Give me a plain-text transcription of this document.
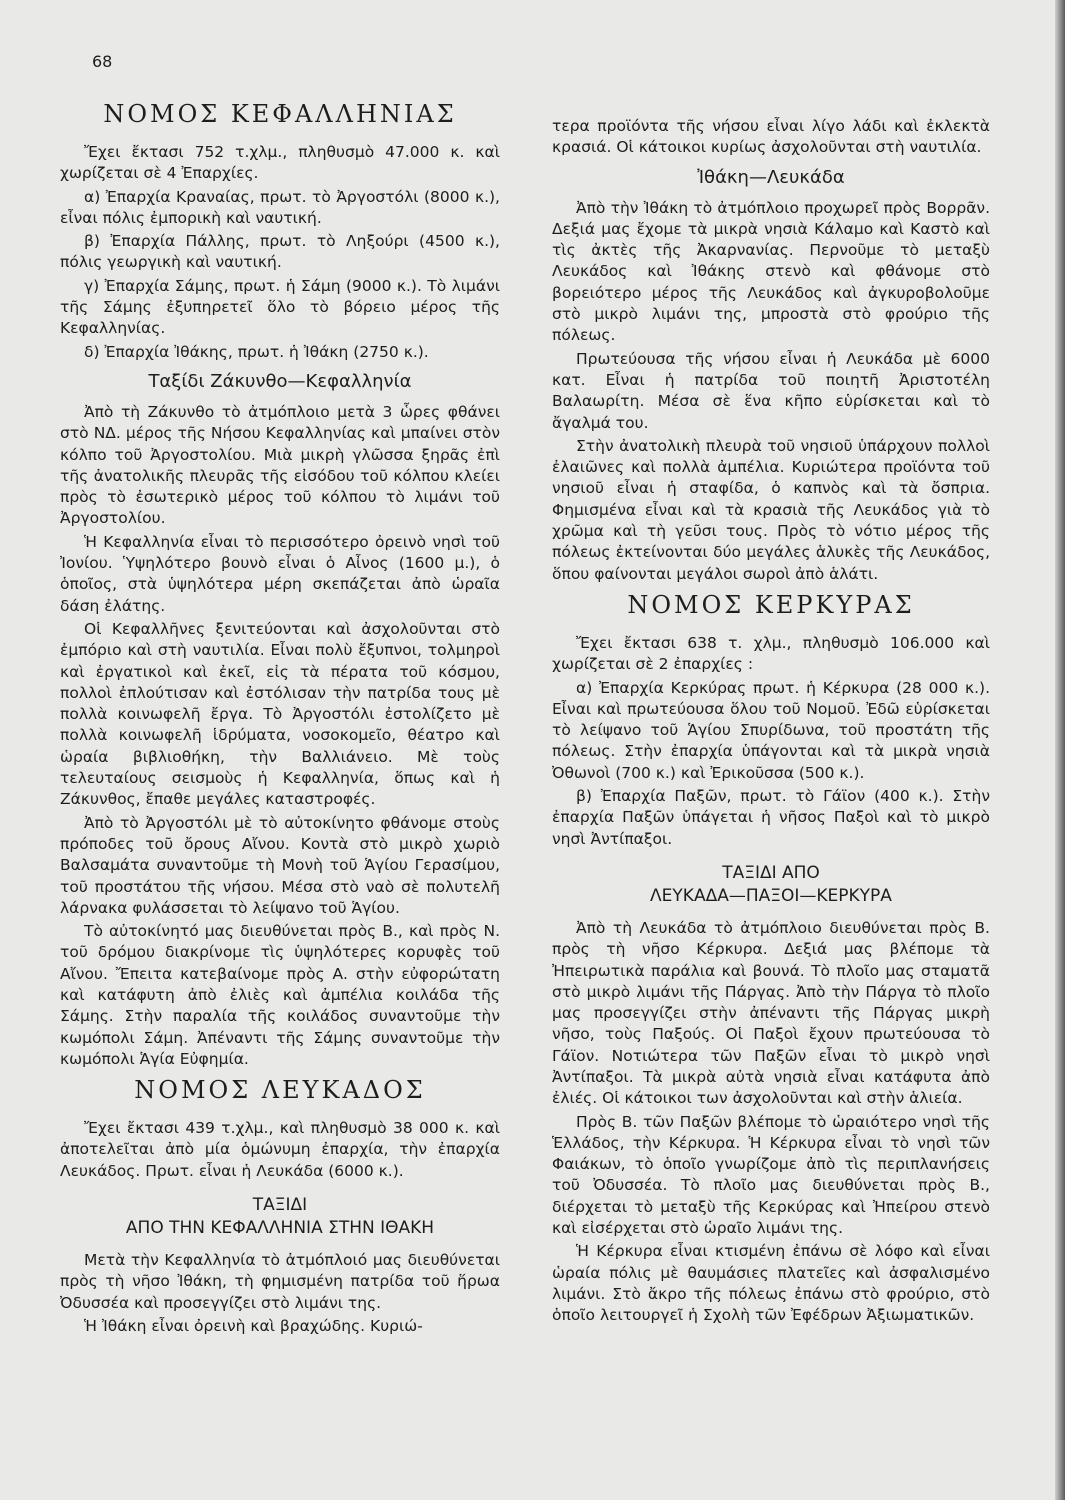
68
ΝΟΜΟΣ ΚΕΦΑΛΛΗΝΙΑΣ

Ἔχει ἔκτασι 752 τ.χλμ., πληθυσμὸ 47.000 κ. καὶ χωρίζεται σὲ 4 Ἐπαρχίες.

α) Ἐπαρχία Κραναίας, πρωτ. τὸ Ἀργοστόλι (8000 κ.), εἶναι πόλις ἐμπορικὴ καὶ ναυτική.

β) Ἐπαρχία Πάλλης, πρωτ. τὸ Ληξούρι (4500 κ.), πόλις γεωργικὴ καὶ ναυτική.

γ) Ἐπαρχία Σάμης, πρωτ. ἡ Σάμη (9000 κ.). Τὸ λιμάνι τῆς Σάμης ἐξυπηρετεῖ ὅλο τὸ βόρειο μέρος τῆς Κεφαλληνίας.

δ) Ἐπαρχία Ἰθάκης, πρωτ. ἡ Ἰθάκη (2750 κ.).

Ταξίδι Ζάκυνθο—Κεφαλληνία

Ἀπὸ τὴ Ζάκυνθο τὸ ἀτμόπλοιο μετὰ 3 ὧρες φθάνει στὸ ΝΔ. μέρος τῆς Νήσου Κεφαλληνίας καὶ μπαίνει στὸν κόλπο τοῦ Ἀργοστολίου. Μιὰ μικρὴ γλῶσσα ξηρᾶς ἐπὶ τῆς ἀνατολικῆς πλευρᾶς τῆς εἰσόδου τοῦ κόλπου κλείει πρὸς τὸ ἐσωτερικὸ μέρος τοῦ κόλπου τὸ λιμάνι τοῦ Ἀργοστολίου.

Ἡ Κεφαλληνία εἶναι τὸ περισσότερο ὀρεινὸ νησὶ τοῦ Ἰονίου. Ὑψηλότερο βουνὸ εἶναι ὁ Αἶνος (1600 μ.), ὁ ὁποῖος, στὰ ὑψηλότερα μέρη σκεπάζεται ἀπὸ ὡραῖα δάση ἐλάτης.

Οἱ Κεφαλλῆνες ξενιτεύονται καὶ ἀσχολοῦνται στὸ ἐμπόριο καὶ στὴ ναυτιλία. Εἶναι πολὺ ἔξυπνοι, τολμηροὶ καὶ ἐργατικοὶ καὶ ἐκεῖ, εἰς τὰ πέρατα τοῦ κόσμου, πολλοὶ ἐπλούτισαν καὶ ἐστόλισαν τὴν πατρίδα τους μὲ πολλὰ κοινωφελῆ ἔργα. Τὸ Ἀργοστόλι ἐστολίζετο μὲ πολλὰ κοινωφελῆ ἱδρύματα, νοσοκομεῖο, θέατρο καὶ ὡραία βιβλιοθήκη, τὴν Βαλλιάνειο. Μὲ τοὺς τελευταίους σεισμοὺς ἡ Κεφαλληνία, ὅπως καὶ ἡ Ζάκυνθος, ἔπαθε μεγάλες καταστροφές.

Ἀπὸ τὸ Ἀργοστόλι μὲ τὸ αὐτοκίνητο φθάνομε στοὺς πρόποδες τοῦ ὄρους Αἴνου. Κοντὰ στὸ μικρὸ χωριὸ Βαλσαμάτα συναντοῦμε τὴ Μονὴ τοῦ Ἁγίου Γερασίμου, τοῦ προστάτου τῆς νήσου. Μέσα στὸ ναὸ σὲ πολυτελῆ λάρνακα φυλάσσεται τὸ λείψανο τοῦ Ἁγίου.

Τὸ αὐτοκίνητό μας διευθύνεται πρὸς Β., καὶ πρὸς Ν. τοῦ δρόμου διακρίνομε τὶς ὑψηλότερες κορυφὲς τοῦ Αἴνου. Ἔπειτα κατεβαίνομε πρὸς Α. στὴν εὐφορώτατη καὶ κατάφυτη ἀπὸ ἐλιὲς καὶ ἀμπέλια κοιλάδα τῆς Σάμης. Στὴν παραλία τῆς κοιλάδος συναντοῦμε τὴν κωμόπολι Σάμη. Ἀπέναντι τῆς Σάμης συναντοῦμε τὴν κωμόπολι Ἁγία Εὐφημία.

ΝΟΜΟΣ ΛΕΥΚΑΔΟΣ

Ἔχει ἔκτασι 439 τ.χλμ., καὶ πληθυσμὸ 38 000 κ. καὶ ἀποτελεῖται ἀπὸ μία ὁμώνυμη ἐπαρχία, τὴν ἐπαρχία Λευκάδος. Πρωτ. εἶναι ἡ Λευκάδα (6000 κ.).

ΤΑΞΙΔΙ
ΑΠΟ ΤΗΝ ΚΕΦΑΛΛΗΝΙΑ ΣΤΗΝ ΙΘΑΚΗ

Μετὰ τὴν Κεφαλληνία τὸ ἀτμόπλοιό μας διευθύνεται πρὸς τὴ νῆσο Ἰθάκη, τὴ φημισμένη πατρίδα τοῦ ἥρωα Ὀδυσσέα καὶ προσεγγίζει στὸ λιμάνι της.

Ἡ Ἰθάκη εἶναι ὀρεινὴ καὶ βραχώδης. Κυριώ-

τερα προϊόντα τῆς νήσου εἶναι λίγο λάδι καὶ ἐκλεκτὰ κρασιά. Οἱ κάτοικοι κυρίως ἀσχολοῦνται στὴ ναυτιλία.

Ἰθάκη—Λευκάδα

Ἀπὸ τὴν Ἰθάκη τὸ ἀτμόπλοιο προχωρεῖ πρὸς Βορρᾶν. Δεξιά μας ἔχομε τὰ μικρὰ νησιὰ Κάλαμο καὶ Καστὸ καὶ τὶς ἀκτὲς τῆς Ἀκαρνανίας. Περνοῦμε τὸ μεταξὺ Λευκάδος καὶ Ἰθάκης στενὸ καὶ φθάνομε στὸ βορειότερο μέρος τῆς Λευκάδος καὶ ἀγκυροβολοῦμε στὸ μικρὸ λιμάνι της, μπροστὰ στὸ φρούριο τῆς πόλεως.

Πρωτεύουσα τῆς νήσου εἶναι ἡ Λευκάδα μὲ 6000 κατ. Εἶναι ἡ πατρίδα τοῦ ποιητῆ Ἀριστοτέλη Βαλαωρίτη. Μέσα σὲ ἕνα κῆπο εὑρίσκεται καὶ τὸ ἄγαλμά του.

Στὴν ἀνατολικὴ πλευρὰ τοῦ νησιοῦ ὑπάρχουν πολλοὶ ἐλαιῶνες καὶ πολλὰ ἀμπέλια. Κυριώτερα προϊόντα τοῦ νησιοῦ εἶναι ἡ σταφίδα, ὁ καπνὸς καὶ τὰ ὄσπρια. Φημισμένα εἶναι καὶ τὰ κρασιὰ τῆς Λευκάδος γιὰ τὸ χρῶμα καὶ τὴ γεῦσι τους. Πρὸς τὸ νότιο μέρος τῆς πόλεως ἐκτείνονται δύο μεγάλες ἁλυκὲς τῆς Λευκάδος, ὅπου φαίνονται μεγάλοι σωροὶ ἀπὸ ἁλάτι.

ΝΟΜΟΣ ΚΕΡΚΥΡΑΣ

Ἔχει ἔκτασι 638 τ. χλμ., πληθυσμὸ 106.000 καὶ χωρίζεται σὲ 2 ἐπαρχίες :

α) Ἐπαρχία Κερκύρας πρωτ. ἡ Κέρκυρα (28 000 κ.). Εἶναι καὶ πρωτεύουσα ὅλου τοῦ Νομοῦ. Ἐδῶ εὑρίσκεται τὸ λείψανο τοῦ Ἁγίου Σπυρίδωνα, τοῦ προστάτη τῆς πόλεως. Στὴν ἐπαρχία ὑπάγονται καὶ τὰ μικρὰ νησιὰ Ὀθωνοὶ (700 κ.) καὶ Ἐρικοῦσσα (500 κ.).

β) Ἐπαρχία Παξῶν, πρωτ. τὸ Γάϊον (400 κ.). Στὴν ἐπαρχία Παξῶν ὑπάγεται ἡ νῆσος Παξοὶ καὶ τὸ μικρὸ νησὶ Ἀντίπαξοι.

ΤΑΞΙΔΙ ΑΠΟ
ΛΕΥΚΑΔΑ—ΠΑΞΟΙ—ΚΕΡΚΥΡΑ

Ἀπὸ τὴ Λευκάδα τὸ ἀτμόπλοιο διευθύνεται πρὸς Β. πρὸς τὴ νῆσο Κέρκυρα. Δεξιά μας βλέπομε τὰ Ἠπειρωτικὰ παράλια καὶ βουνά. Τὸ πλοῖο μας σταματᾶ στὸ μικρὸ λιμάνι τῆς Πάργας. Ἀπὸ τὴν Πάργα τὸ πλοῖο μας προσεγγίζει στὴν ἀπέναντι τῆς Πάργας μικρὴ νῆσο, τοὺς Παξούς. Οἱ Παξοὶ ἔχουν πρωτεύουσα τὸ Γάϊον. Νοτιώτερα τῶν Παξῶν εἶναι τὸ μικρὸ νησὶ Ἀντίπαξοι. Τὰ μικρὰ αὐτὰ νησιὰ εἶναι κατάφυτα ἀπὸ ἐλιές. Οἱ κάτοικοι των ἀσχολοῦνται καὶ στὴν ἁλιεία.

Πρὸς Β. τῶν Παξῶν βλέπομε τὸ ὡραιότερο νησὶ τῆς Ἑλλάδος, τὴν Κέρκυρα. Ἡ Κέρκυρα εἶναι τὸ νησὶ τῶν Φαιάκων, τὸ ὁποῖο γνωρίζομε ἀπὸ τὶς περιπλανήσεις τοῦ Ὀδυσσέα. Τὸ πλοῖο μας διευθύνεται πρὸς Β., διέρχεται τὸ μεταξὺ τῆς Κερκύρας καὶ Ἠπείρου στενὸ καὶ εἰσέρχεται στὸ ὡραῖο λιμάνι της.

Ἡ Κέρκυρα εἶναι κτισμένη ἐπάνω σὲ λόφο καὶ εἶναι ὡραία πόλις μὲ θαυμάσιες πλατεῖες καὶ ἀσφαλισμένο λιμάνι. Στὸ ἄκρο τῆς πόλεως ἐπάνω στὸ φρούριο, στὸ ὁποῖο λειτουργεῖ ἡ Σχολὴ τῶν Ἐφέδρων Ἀξιωματικῶν.
